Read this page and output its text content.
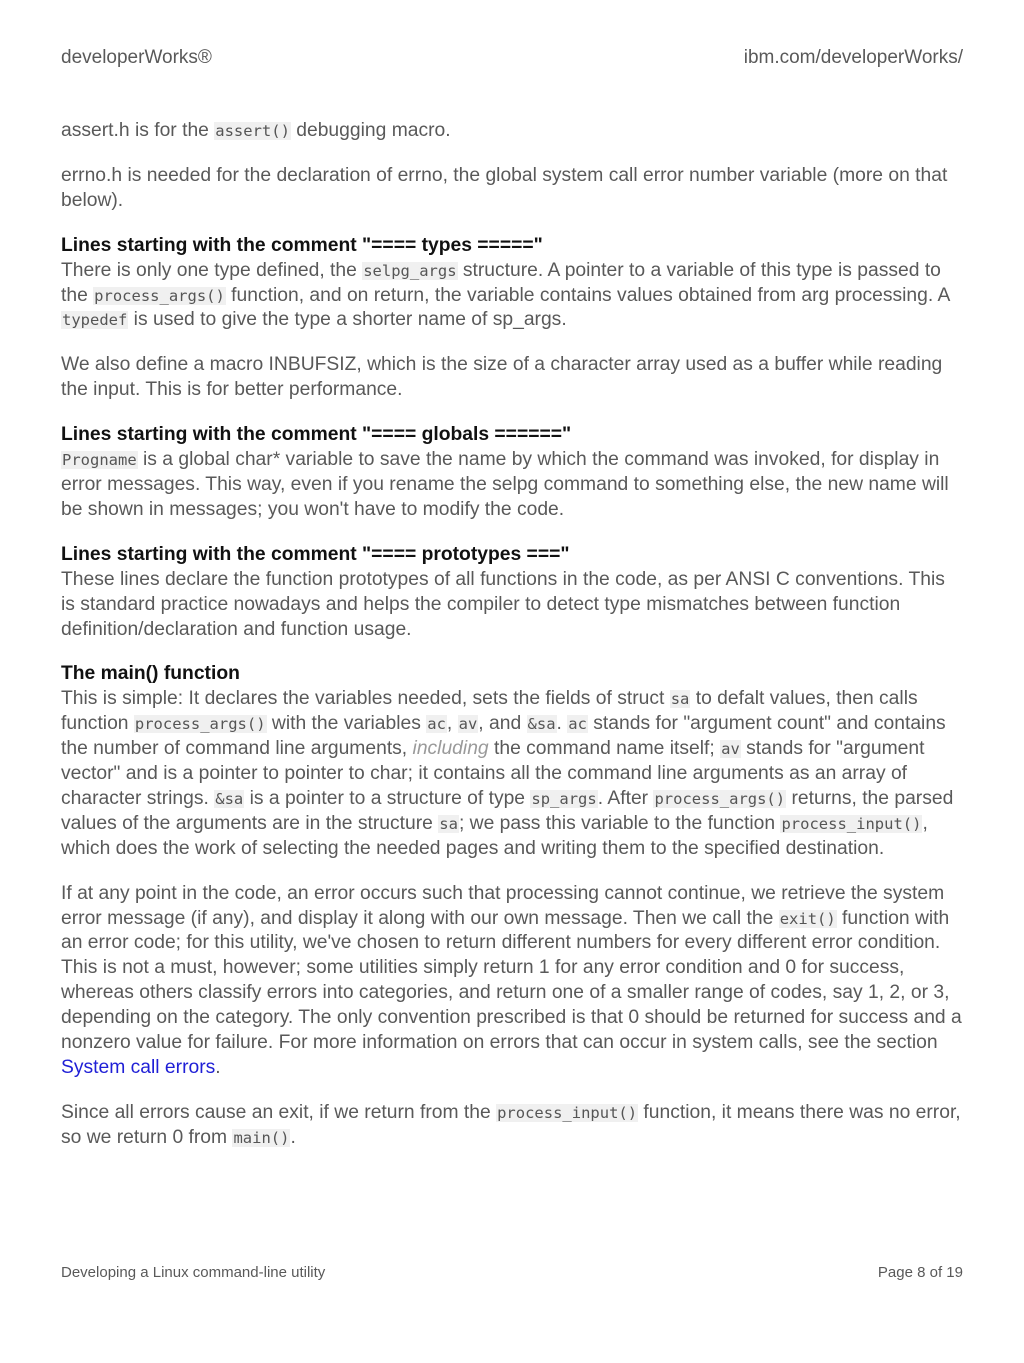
developerWorks®	ibm.com/developerWorks/

assert.h is for the assert() debugging macro.

errno.h is needed for the declaration of errno, the global system call error number variable (more on that below).

Lines starting with the comment "==== types ====="
There is only one type defined, the selpg_args structure. A pointer to a variable of this type is passed to the process_args() function, and on return, the variable contains values obtained from arg processing. A typedef is used to give the type a shorter name of sp_args.

We also define a macro INBUFSIZ, which is the size of a character array used as a buffer while reading the input. This is for better performance.

Lines starting with the comment "==== globals ======"
Progname is a global char* variable to save the name by which the command was invoked, for display in error messages. This way, even if you rename the selpg command to something else, the new name will be shown in messages; you won't have to modify the code.

Lines starting with the comment "==== prototypes ==="
These lines declare the function prototypes of all functions in the code, as per ANSI C conventions. This is standard practice nowadays and helps the compiler to detect type mismatches between function definition/declaration and function usage.

The main() function
This is simple: It declares the variables needed, sets the fields of struct sa to defalt values, then calls function process_args() with the variables ac, av, and &sa. ac stands for "argument count" and contains the number of command line arguments, including the command name itself; av stands for "argument vector" and is a pointer to pointer to char; it contains all the command line arguments as an array of character strings. &sa is a pointer to a structure of type sp_args. After process_args() returns, the parsed values of the arguments are in the structure sa; we pass this variable to the function process_input(), which does the work of selecting the needed pages and writing them to the specified destination.

If at any point in the code, an error occurs such that processing cannot continue, we retrieve the system error message (if any), and display it along with our own message. Then we call the exit() function with an error code; for this utility, we've chosen to return different numbers for every different error condition. This is not a must, however; some utilities simply return 1 for any error condition and 0 for success, whereas others classify errors into categories, and return one of a smaller range of codes, say 1, 2, or 3, depending on the category. The only convention prescribed is that 0 should be returned for success and a nonzero value for failure. For more information on errors that can occur in system calls, see the section System call errors.

Since all errors cause an exit, if we return from the process_input() function, it means there was no error, so we return 0 from main().

Developing a Linux command-line utility	Page 8 of 19
